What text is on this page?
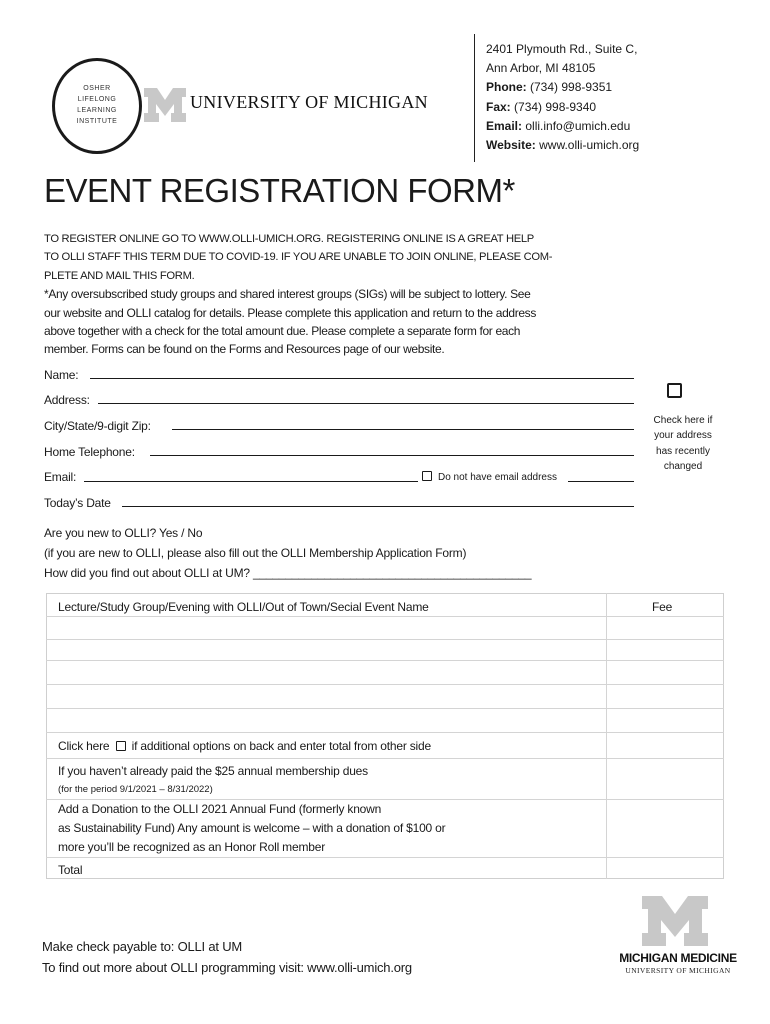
OSHER
LIFELONG
LEARNING
INSTITUTE
UNIVERSITY OF MICHIGAN
2401 Plymouth Rd., Suite C,
Ann Arbor, MI 48105
Phone: (734) 998-9351
Fax: (734) 998-9340
Email: olli.info@umich.edu
Website: www.olli-umich.org
EVENT REGISTRATION FORM*
TO REGISTER ONLINE GO TO WWW.OLLI-UMICH.ORG. REGISTERING ONLINE IS A GREAT HELP
TO OLLI STAFF THIS TERM DUE TO COVID-19. IF YOU ARE UNABLE TO JOIN ONLINE, PLEASE COM-
PLETE AND MAIL THIS FORM.
*Any oversubscribed study groups and shared interest groups (SIGs) will be subject to lottery. See
our website and OLLI catalog for details. Please complete this application and return to the address
above together with a check for the total amount due. Please complete a separate form for each
member. Forms can be found on the Forms and Resources page of our website.
Name:
Address:
City/State/9-digit Zip:
Home Telephone:
Email:	Do not have email address
Today’s Date
Check here if your address has recently changed
Are you new to OLLI? Yes / No
(if you are new to OLLI, please also fill out the OLLI Membership Application Form)
How did you find out about OLLI at UM? ___________________________________________
Lecture/Study Group/Evening with OLLI/Out of Town/Secial Event Name	Fee
Click here if additional options on back and enter total from other side
If you haven’t already paid the $25 annual membership dues
(for the period 9/1/2021 – 8/31/2022)
Add a Donation to the OLLI 2021 Annual Fund (formerly known
as Sustainability Fund) Any amount is welcome – with a donation of $100 or
more you’ll be recognized as an Honor Roll member
Total
Make check payable to: OLLI at UM
To find out more about OLLI programming visit: www.olli-umich.org
MICHIGAN MEDICINE
UNIVERSITY OF MICHIGAN
